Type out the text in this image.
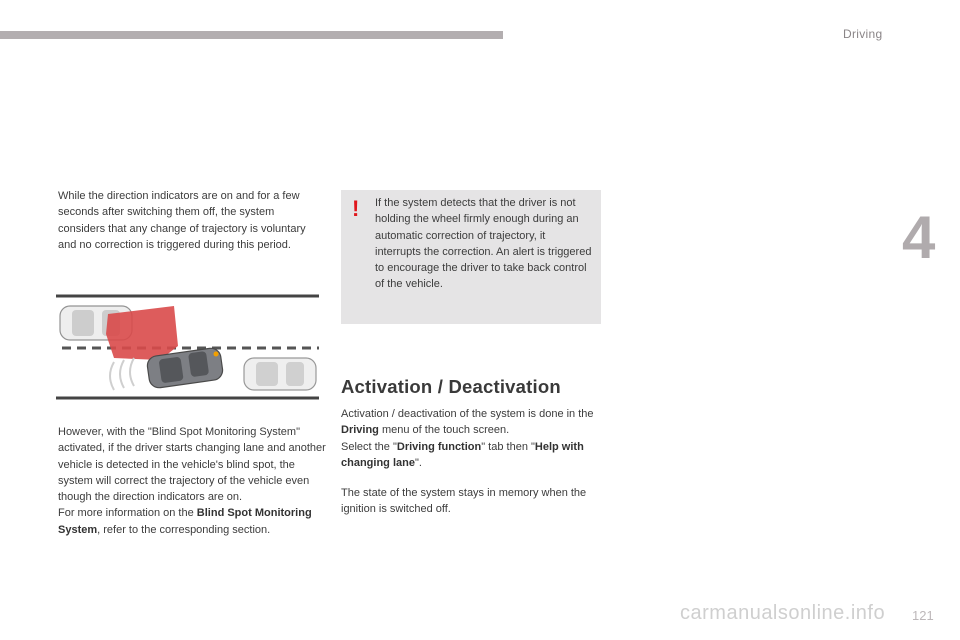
Driving
4
While the direction indicators are on and for a few seconds after switching them off, the system considers that any change of trajectory is voluntary and no correction is triggered during this period.
! If the system detects that the driver is not holding the wheel firmly enough during an automatic correction of trajectory, it interrupts the correction. An alert is triggered to encourage the driver to take back control of the vehicle.
However, with the "Blind Spot Monitoring System" activated, if the driver starts changing lane and another vehicle is detected in the vehicle's blind spot, the system will correct the trajectory of the vehicle even though the direction indicators are on.
For more information on the Blind Spot Monitoring System, refer to the corresponding section.
Activation / Deactivation
Activation / deactivation of the system is done in the Driving menu of the touch screen.
Select the "Driving function" tab then "Help with changing lane".
The state of the system stays in memory when the ignition is switched off.
carmanualsonline.info 121
